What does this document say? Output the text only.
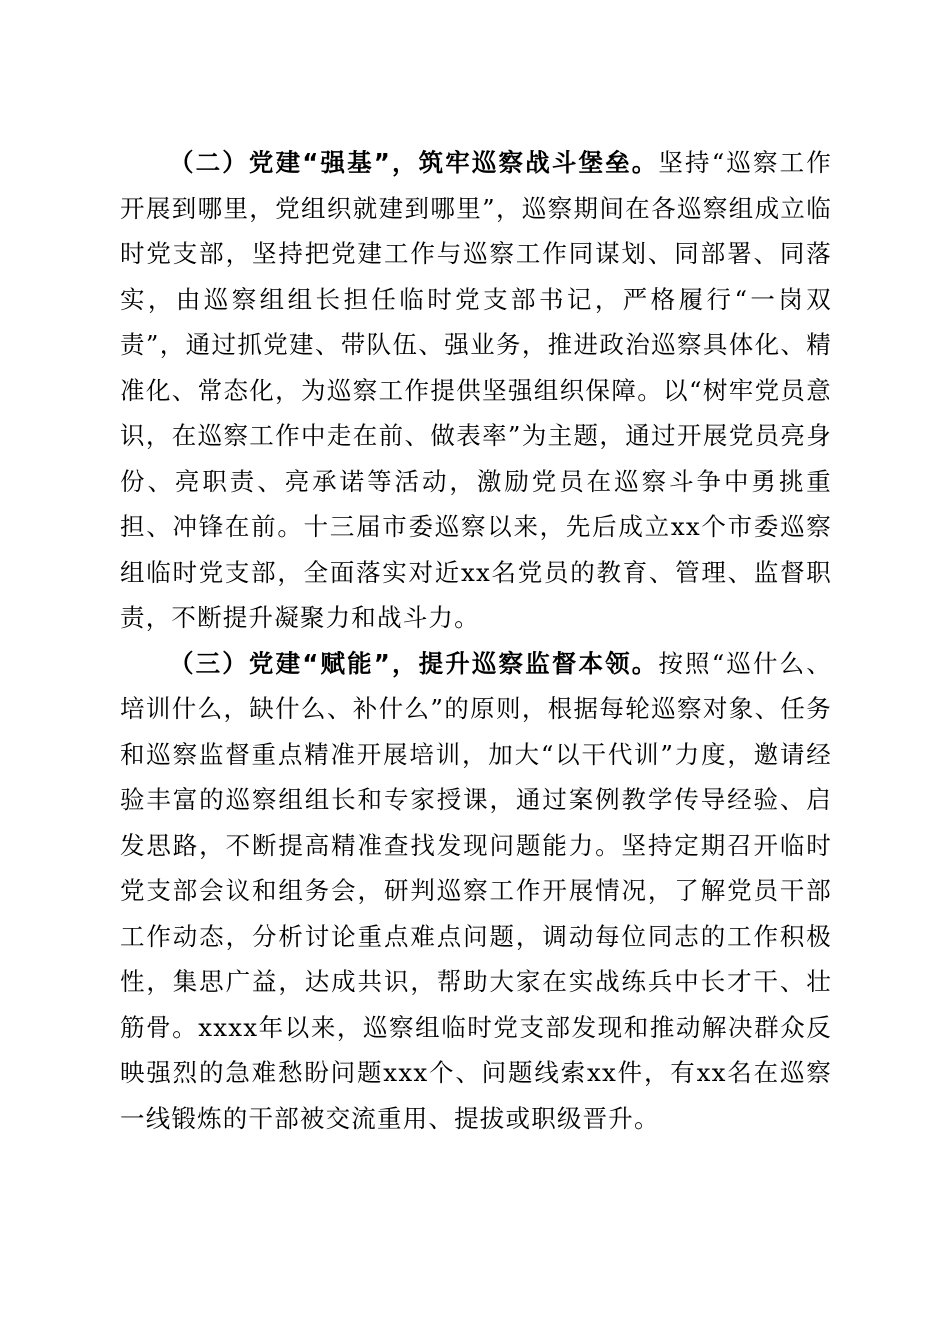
（二）党建“强基”，筑牢巡察战斗堡垒。坚持“巡察工作开展到哪里，党组织就建到哪里”，巡察期间在各巡察组成立临时党支部，坚持把党建工作与巡察工作同谋划、同部署、同落实，由巡察组组长担任临时党支部书记，严格履行“一岗双责”，通过抓党建、带队伍、强业务，推进政治巡察具体化、精准化、常态化，为巡察工作提供坚强组织保障。以“树牢党员意识，在巡察工作中走在前、做表率”为主题，通过开展党员亮身份、亮职责、亮承诺等活动，激励党员在巡察斗争中勇挑重担、冲锋在前。十三届市委巡察以来，先后成立xx个市委巡察组临时党支部，全面落实对近xx名党员的教育、管理、监督职责，不断提升凝聚力和战斗力。

（三）党建“赋能”，提升巡察监督本领。按照“巡什么、培训什么，缺什么、补什么”的原则，根据每轮巡察对象、任务和巡察监督重点精准开展培训，加大“以干代训”力度，邀请经验丰富的巡察组组长和专家授课，通过案例教学传导经验、启发思路，不断提高精准查找发现问题能力。坚持定期召开临时党支部会议和组务会，研判巡察工作开展情况，了解党员干部工作动态，分析讨论重点难点问题，调动每位同志的工作积极性，集思广益，达成共识，帮助大家在实战练兵中长才干、壮筋骨。xxxx年以来，巡察组临时党支部发现和推动解决群众反映强烈的急难愁盼问题xxx个、问题线索xx件，有xx名在巡察一线锻炼的干部被交流重用、提拔或职级晋升。
